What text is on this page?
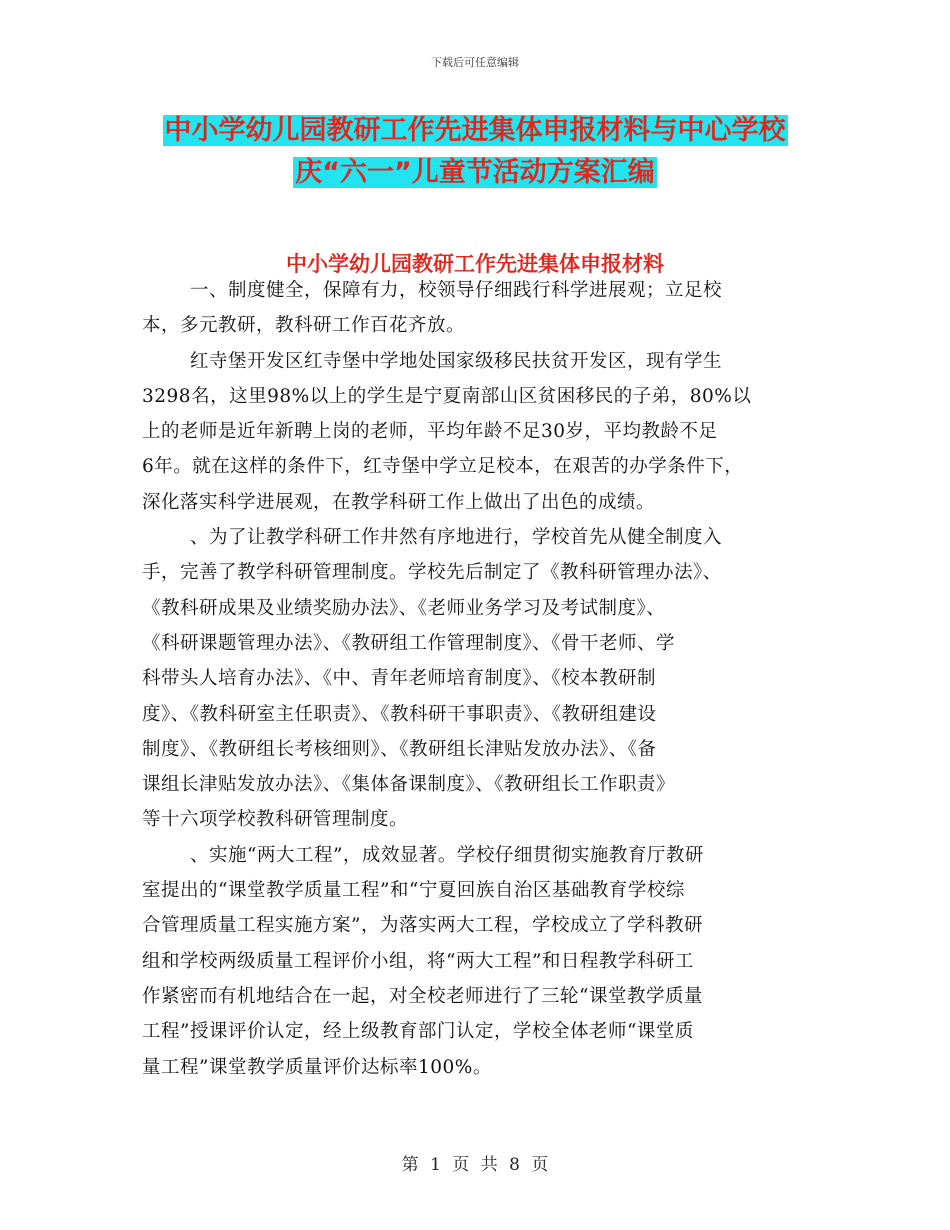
下载后可任意编辑
中小学幼儿园教研工作先进集体申报材料与中心学校
庆“六一”儿童节活动方案汇编
中小学幼儿园教研工作先进集体申报材料
一、制度健全，保障有力，校领导仔细践行科学进展观；立足校
本，多元教研，教科研工作百花齐放。
红寺堡开发区红寺堡中学地处国家级移民扶贫开发区，现有学生
3298名，这里98%以上的学生是宁夏南部山区贫困移民的子弟，80%以
上的老师是近年新聘上岗的老师，平均年龄不足30岁，平均教龄不足
6年。就在这样的条件下，红寺堡中学立足校本，在艰苦的办学条件下，
深化落实科学进展观，在教学科研工作上做出了出色的成绩。
、为了让教学科研工作井然有序地进行，学校首先从健全制度入
手，完善了教学科研管理制度。学校先后制定了《教科研管理办法》、
《教科研成果及业绩奖励办法》、《老师业务学习及考试制度》、
《科研课题管理办法》、《教研组工作管理制度》、《骨干老师、学
科带头人培育办法》、《中、青年老师培育制度》、《校本教研制
度》、《教科研室主任职责》、《教科研干事职责》、《教研组建设
制度》、《教研组长考核细则》、《教研组长津贴发放办法》、《备
课组长津贴发放办法》、《集体备课制度》、《教研组长工作职责》
等十六项学校教科研管理制度。
、实施“两大工程”，成效显著。学校仔细贯彻实施教育厅教研
室提出的“课堂教学质量工程”和“宁夏回族自治区基础教育学校综
合管理质量工程实施方案”，为落实两大工程，学校成立了学科教研
组和学校两级质量工程评价小组，将“两大工程”和日程教学科研工
作紧密而有机地结合在一起，对全校老师进行了三轮“课堂教学质量
工程”授课评价认定，经上级教育部门认定，学校全体老师“课堂质
量工程”课堂教学质量评价达标率100%。
第 1 页 共 8 页
